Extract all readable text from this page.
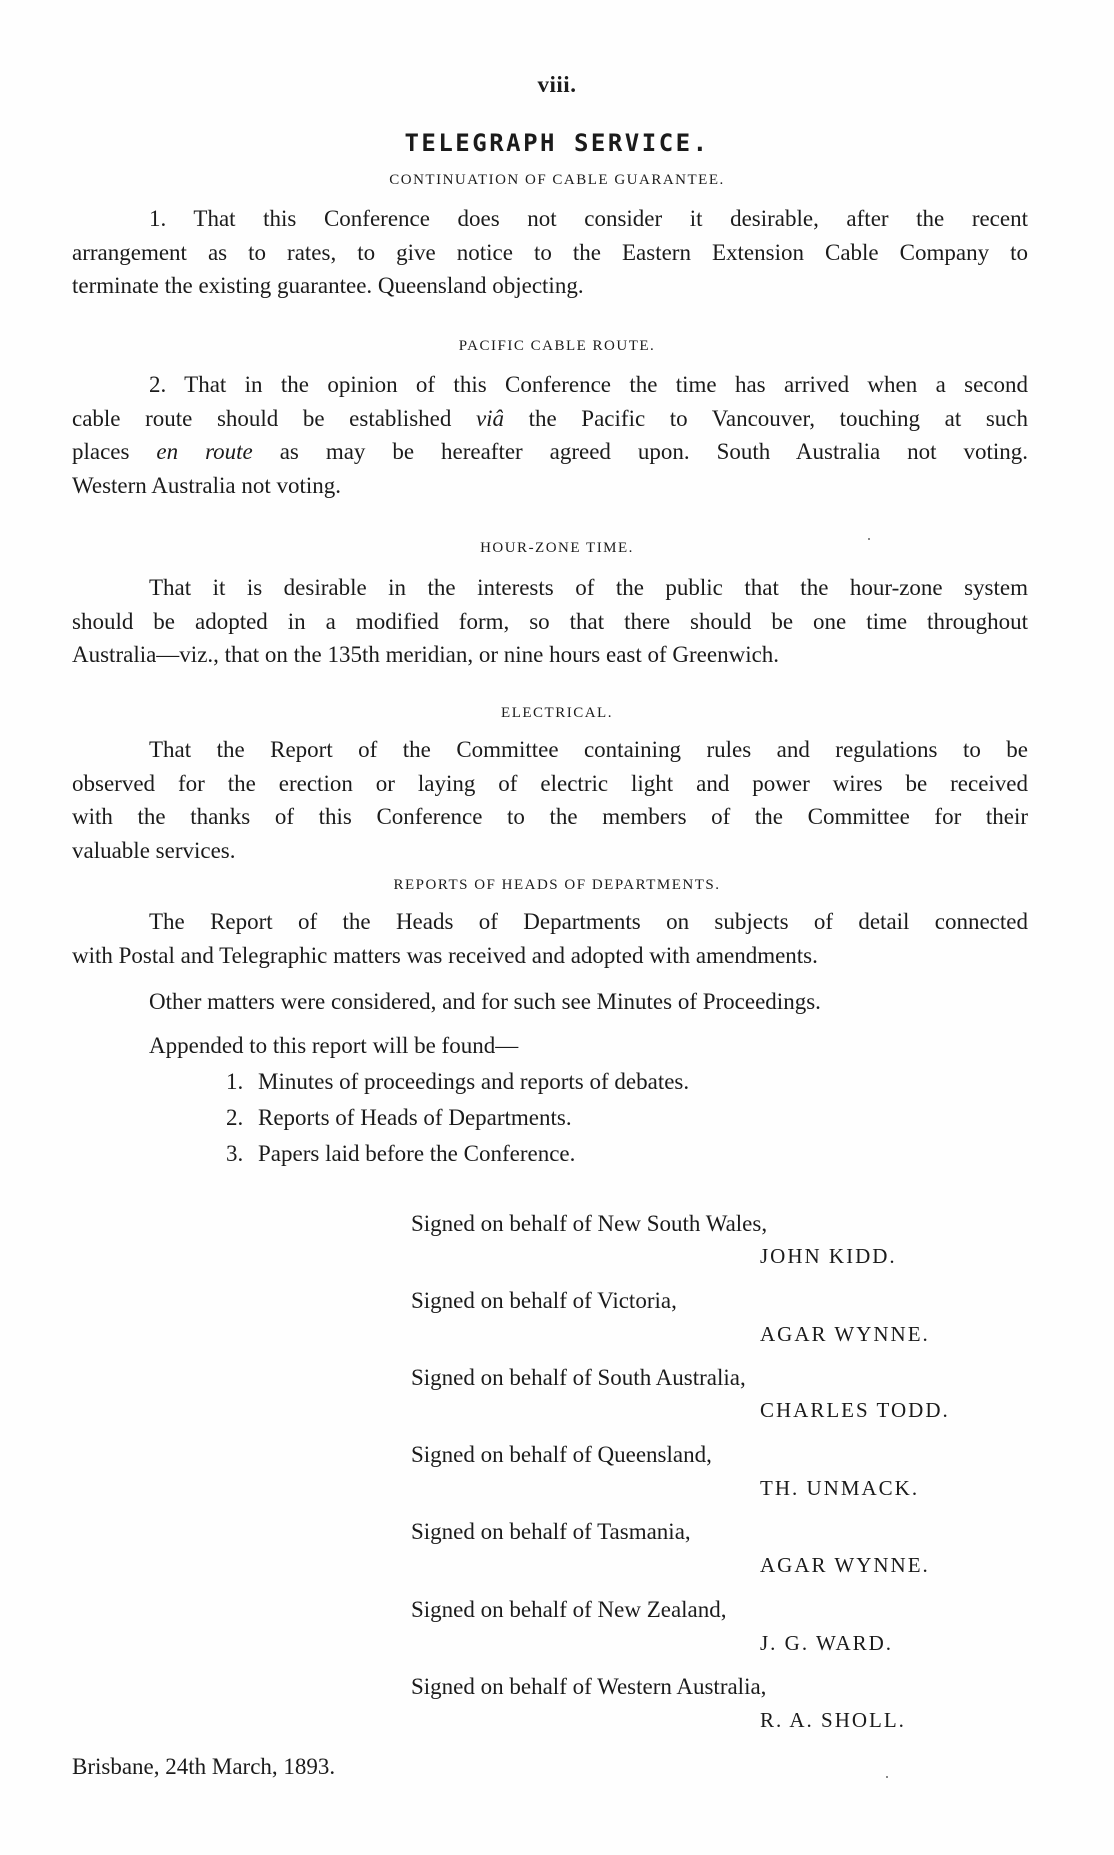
viii.
TELEGRAPH SERVICE.
CONTINUATION OF CABLE GUARANTEE.
1. That this Conference does not consider it desirable, after the recent
arrangement as to rates, to give notice to the Eastern Extension Cable Company to
terminate the existing guarantee. Queensland objecting.
PACIFIC CABLE ROUTE.
2. That in the opinion of this Conference the time has arrived when a second
cable route should be established viâ the Pacific to Vancouver, touching at such
places en route as may be hereafter agreed upon. South Australia not voting.
Western Australia not voting.
HOUR-ZONE TIME.
That it is desirable in the interests of the public that the hour-zone system
should be adopted in a modified form, so that there should be one time throughout
Australia—viz., that on the 135th meridian, or nine hours east of Greenwich.
ELECTRICAL.
That the Report of the Committee containing rules and regulations to be
observed for the erection or laying of electric light and power wires be received
with the thanks of this Conference to the members of the Committee for their
valuable services.
REPORTS OF HEADS OF DEPARTMENTS.
The Report of the Heads of Departments on subjects of detail connected
with Postal and Telegraphic matters was received and adopted with amendments.
Other matters were considered, and for such see Minutes of Proceedings.
Appended to this report will be found—
1. Minutes of proceedings and reports of debates.
2. Reports of Heads of Departments.
3. Papers laid before the Conference.
Signed on behalf of New South Wales,
JOHN KIDD.
Signed on behalf of Victoria,
AGAR WYNNE.
Signed on behalf of South Australia,
CHARLES TODD.
Signed on behalf of Queensland,
TH. UNMACK.
Signed on behalf of Tasmania,
AGAR WYNNE.
Signed on behalf of New Zealand,
J. G. WARD.
Signed on behalf of Western Australia,
R. A. SHOLL.
Brisbane, 24th March, 1893.
